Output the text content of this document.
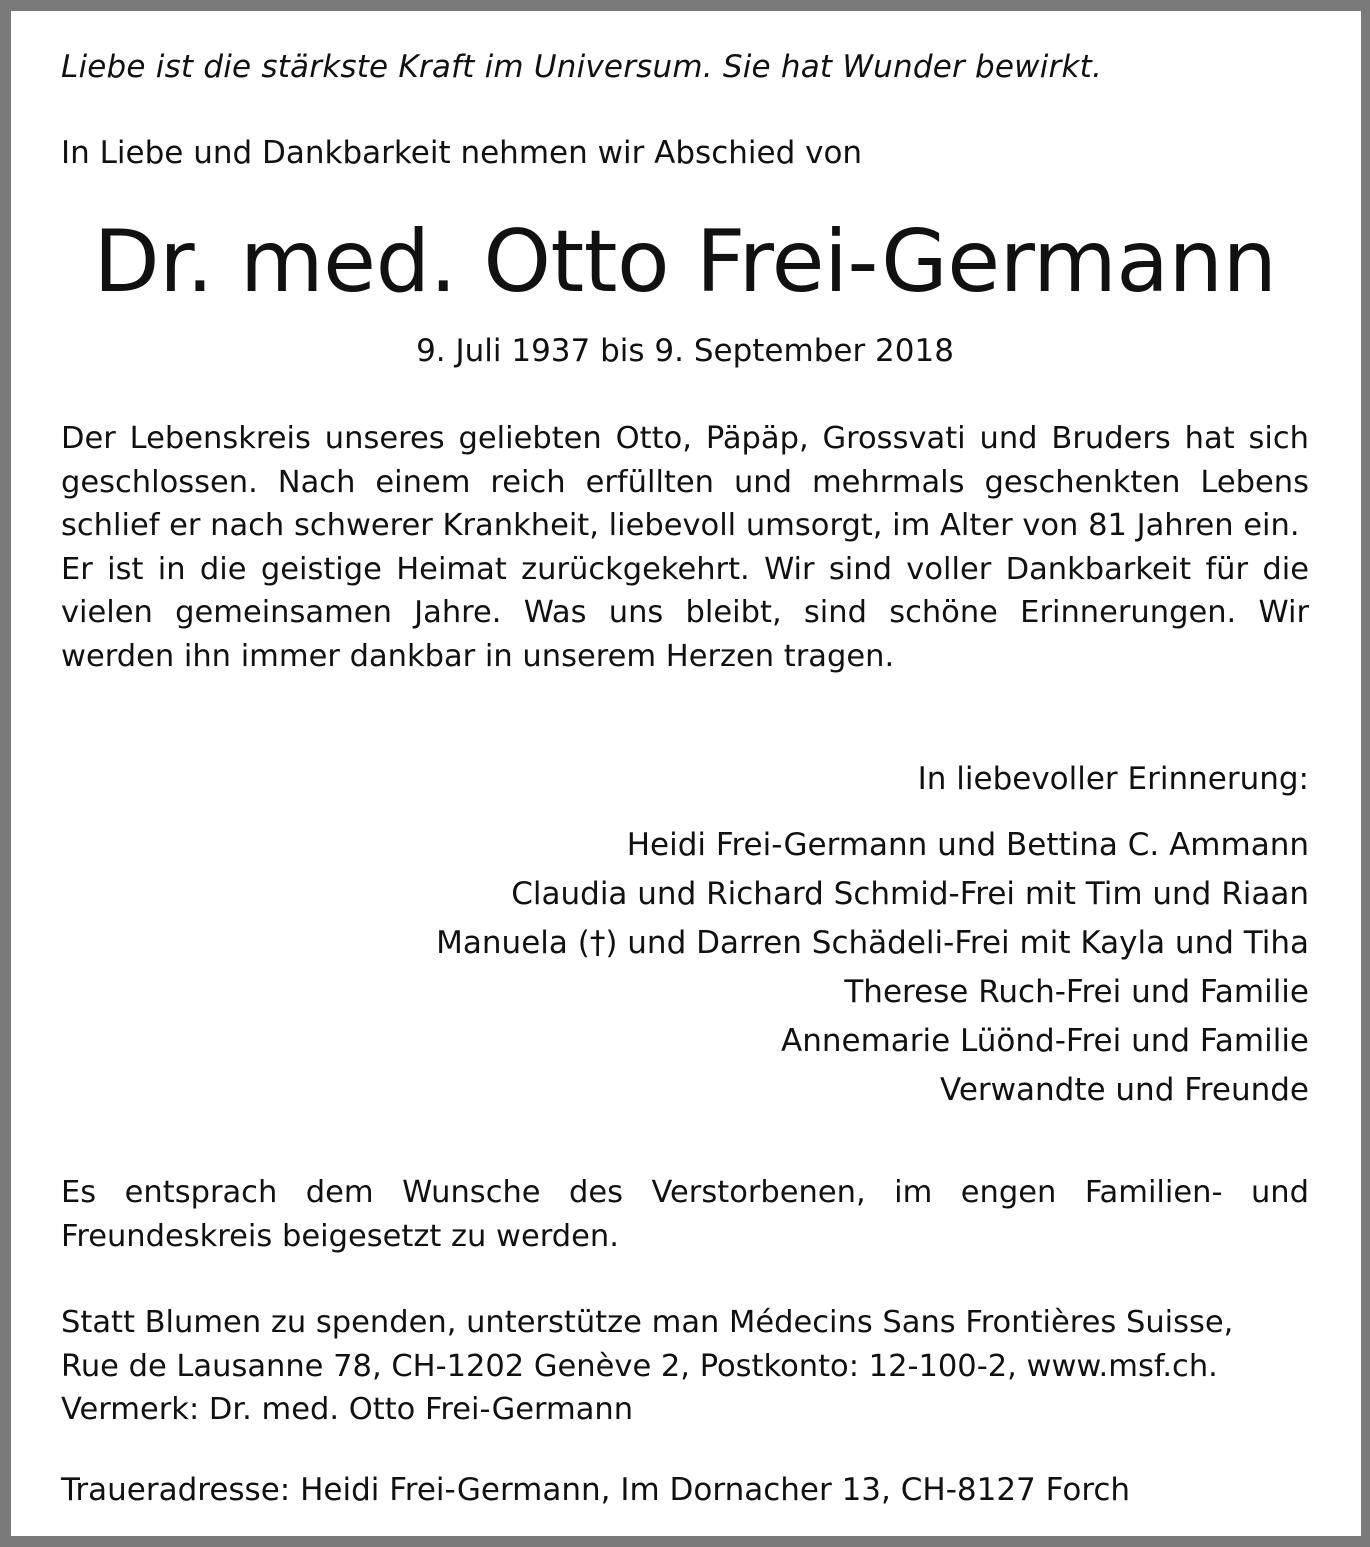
Liebe ist die stärkste Kraft im Universum. Sie hat Wunder bewirkt.
In Liebe und Dankbarkeit nehmen wir Abschied von
Dr. med. Otto Frei-Germann
9. Juli 1937 bis 9. September 2018

Der Lebenskreis unseres geliebten Otto, Päpäp, Grossvati und Bruders hat sich geschlossen. Nach einem reich erfüllten und mehrmals geschenkten Lebens schlief er nach schwerer Krankheit, liebevoll umsorgt, im Alter von 81 Jahren ein.

Er ist in die geistige Heimat zurückgekehrt. Wir sind voller Dankbarkeit für die vielen gemeinsamen Jahre. Was uns bleibt, sind schöne Erinnerungen. Wir werden ihn immer dankbar in unserem Herzen tragen.

In liebevoller Erinnerung:
Heidi Frei-Germann und Bettina C. Ammann
Claudia und Richard Schmid-Frei mit Tim und Riaan
Manuela (†) und Darren Schädeli-Frei mit Kayla und Tiha
Therese Ruch-Frei und Familie
Annemarie Lüönd-Frei und Familie
Verwandte und Freunde

Es entsprach dem Wunsche des Verstorbenen, im engen Familien- und Freundeskreis beigesetzt zu werden.

Statt Blumen zu spenden, unterstütze man Médecins Sans Frontières Suisse,
Rue de Lausanne 78, CH-1202 Genève 2, Postkonto: 12-100-2, www.msf.ch.
Vermerk: Dr. med. Otto Frei-Germann
Traueradresse: Heidi Frei-Germann, Im Dornacher 13, CH-8127 Forch
